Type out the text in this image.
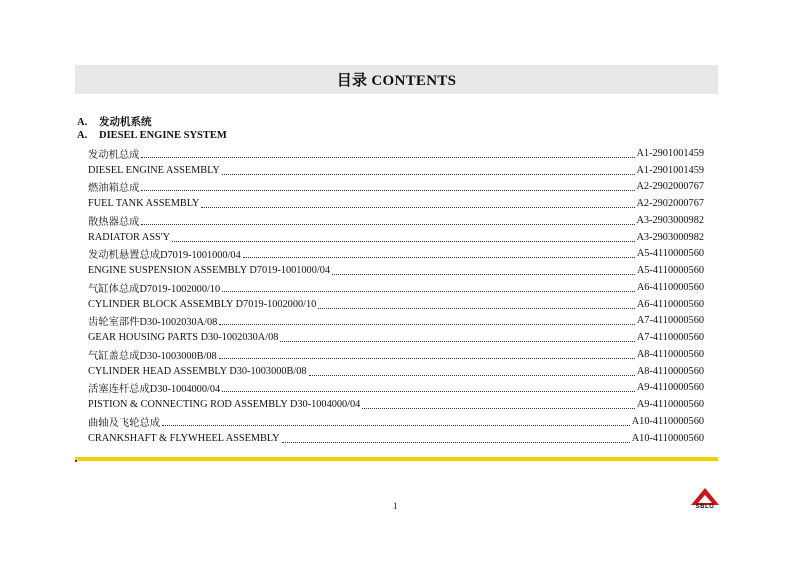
目录 CONTENTS
A. 发动机系统
A. DIESEL ENGINE SYSTEM
发动机总成	A1-2901001459
DIESEL ENGINE ASSEMBLY	A1-2901001459
燃油箱总成	A2-2902000767
FUEL TANK ASSEMBLY	A2-2902000767
散热器总成	A3-2903000982
RADIATOR ASS'Y	A3-2903000982
发动机悬置总成D7019-1001000/04	A5-4110000560
ENGINE SUSPENSION ASSEMBLY D7019-1001000/04	A5-4110000560
气缸体总成D7019-1002000/10	A6-4110000560
CYLINDER BLOCK ASSEMBLY D7019-1002000/10	A6-4110000560
齿轮室部件D30-1002030A/08	A7-4110000560
GEAR HOUSING PARTS D30-1002030A/08	A7-4110000560
气缸盖总成D30-1003000B/08	A8-4110000560
CYLINDER HEAD ASSEMBLY D30-1003000B/08	A8-4110000560
活塞连杆总成D30-1004000/04	A9-4110000560
PISTION & CONNECTING ROD ASSEMBLY D30-1004000/04	A9-4110000560
曲轴及飞轮总成	A10-4110000560
CRANKSHAFT & FLYWHEEL ASSEMBLY	A10-4110000560
1	SBLG
